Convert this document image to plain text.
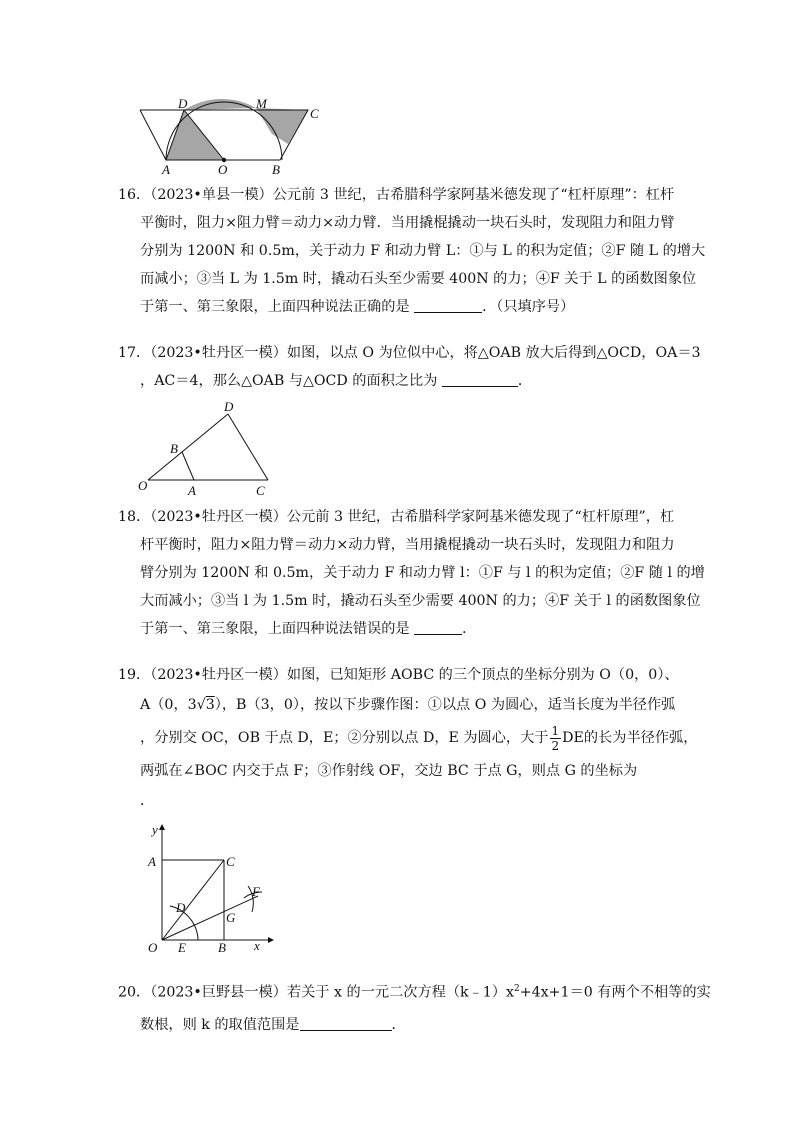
D	M
C
A	O	B
16．（2023•单县一模）公元前 3 世纪，古希腊科学家阿基米德发现了“杠杆原理”：杠杆
平衡时，阻力×阻力臂＝动力×动力臂．当用撬棍撬动一块石头时，发现阻力和阻力臂
分别为 1200N 和 0.5m，关于动力 F 和动力臂 L：①与 L 的积为定值；②F 随 L 的增大
而减小；③当 L 为 1.5m 时，撬动石头至少需要 400N 的力；④F 关于 L 的函数图象位
于第一、第三象限，上面四种说法正确的是	．（只填序号）
17．（2023•牡丹区一模）如图，以点 O 为位似中心，将△OAB 放大后得到△OCD，OA＝3
，AC＝4，那么△OAB 与△OCD 的面积之比为	．
D
B
O	A	C
18．（2023•牡丹区一模）公元前 3 世纪，古希腊科学家阿基米德发现了“杠杆原理”，杠
杆平衡时，阻力×阻力臂＝动力×动力臂，当用撬棍撬动一块石头时，发现阻力和阻力
臂分别为 1200N 和 0.5m，关于动力 F 和动力臂 l：①F 与 l 的积为定值；②F 随 l 的增
大而减小；③当 l 为 1.5m 时，撬动石头至少需要 400N 的力；④F 关于 l 的函数图象位
于第一、第三象限，上面四种说法错误的是	．
19．（2023•牡丹区一模）如图，已知矩形 AOBC 的三个顶点的坐标分别为 O（0，0）、
A（0，3√3），B（3，0），按以下步骤作图：①以点 O 为圆心，适当长度为半径作弧
，分别交 OC，OB 于点 D，E；②分别以点 D，E 为圆心，大于 $\frac{1}{2}$ DE的长为半径作弧，
两弧在∠BOC 内交于点 F；③作射线 OF，交边 BC 于点 G，则点 G 的坐标为
．
y
x
A	C
D
F
G
O E B
20．（2023•巨野县一模）若关于 x 的一元二次方程$(k﹣1)x^2+4x+1=0$ 有两个不相等的实
数根，则 k 的取值范围是	．
